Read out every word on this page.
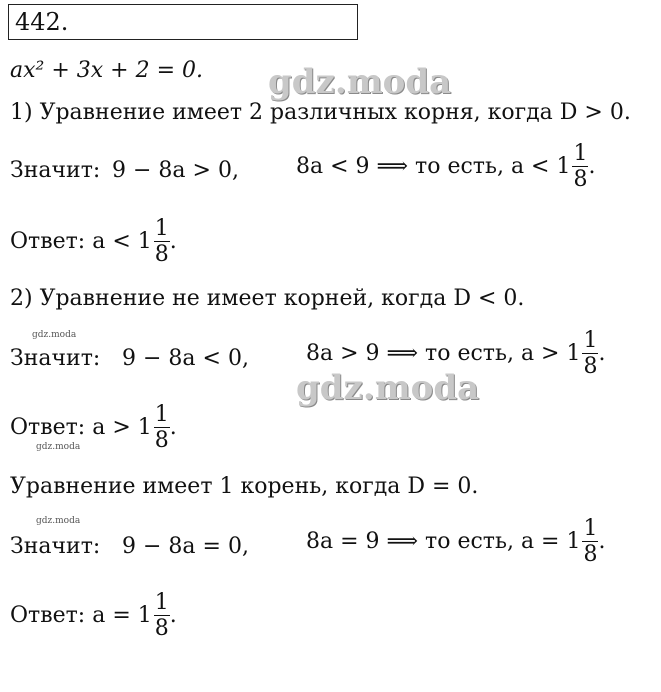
442.
ax² + 3x + 2 = 0. gdz.moda
1) Уравнение имеет 2 различных корня, когда D > 0.
Значит: 9 − 8a > 0,	8a < 9 ⟹ то есть, $a < 1 \frac{1}{8}$ .
Ответ: $a < 1 \frac{1}{8}$ .
2) Уравнение не имеет корней, когда D < 0.
gdz.moda
Значит: 9 − 8a < 0,	8a > 9 ⟹ то есть, $a > 1 \frac{1}{8}$ .
gdz.moda
Ответ: $a > 1 \frac{1}{8}$ .
gdz.moda
Уравнение имеет 1 корень, когда D = 0.
gdz.moda
Значит: 9 − 8a = 0,	8a = 9 ⟹ то есть, $a = 1 \frac{1}{8}$ .
Ответ: $a = 1 \frac{1}{8}$ .
